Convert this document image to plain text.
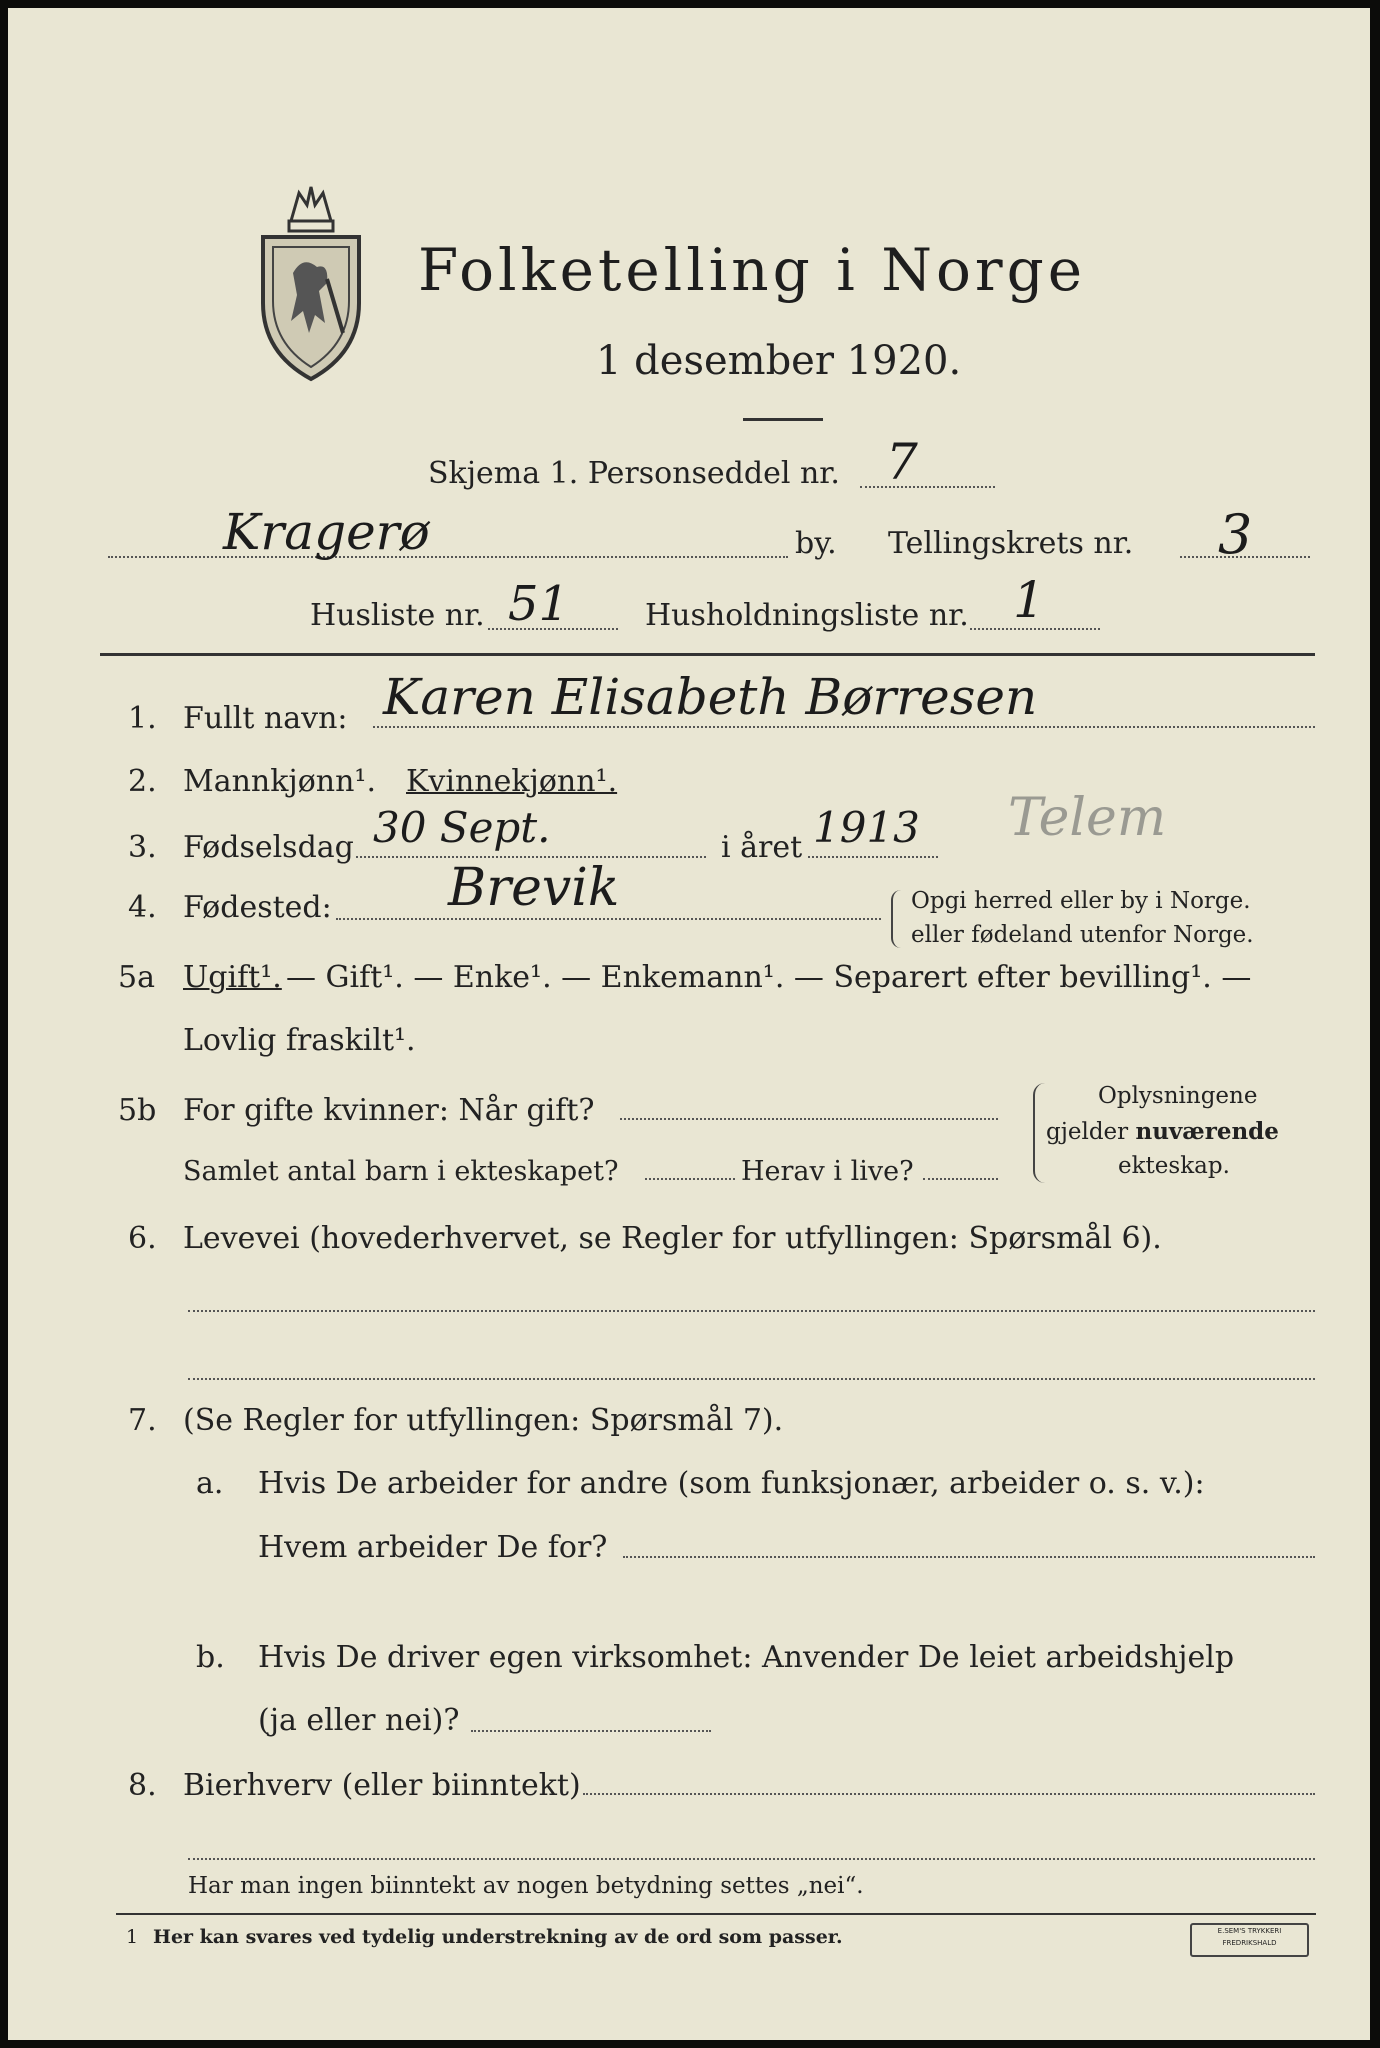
Folketelling i Norge
1 desember 1920.
Skjema 1. Personseddel nr. 7
Kragerø	by. Tellingskrets nr. 3
Husliste nr. 51	Husholdningsliste nr. 1
1. Fullt navn: Karen Elisabeth Børresen
2. Mannkjønn¹. Kvinnekjønn¹.
3. Fødselsdag 30 Sept.	i året 1913 Telem
4. Fødested: Brevik	Opgi herred eller by i Norge.
eller fødeland utenfor Norge.
5a Ugift¹. — Gift¹. — Enke¹. — Enkemann¹. — Separert efter bevilling¹. —
Lovlig fraskilt¹.
5b For gifte kvinner: Når gift?
Samlet antal barn i ekteskapet?	Herav i live?
Oplysningene
gjelder nuværende
ekteskap.
6. Levevei (hovederhvervet, se Regler for utfyllingen: Spørsmål 6).
7. (Se Regler for utfyllingen: Spørsmål 7).
a. Hvis De arbeider for andre (som funksjonær, arbeider o. s. v.):
Hvem arbeider De for?
b. Hvis De driver egen virksomhet: Anvender De leiet arbeidshjelp
(ja eller nei)?
8. Bierhverv (eller biinntekt)
Har man ingen biinntekt av nogen betydning settes „nei“.
1 Her kan svares ved tydelig understrekning av de ord som passer.	E.SEM'S TRYKKERI
FREDRIKSHALD
